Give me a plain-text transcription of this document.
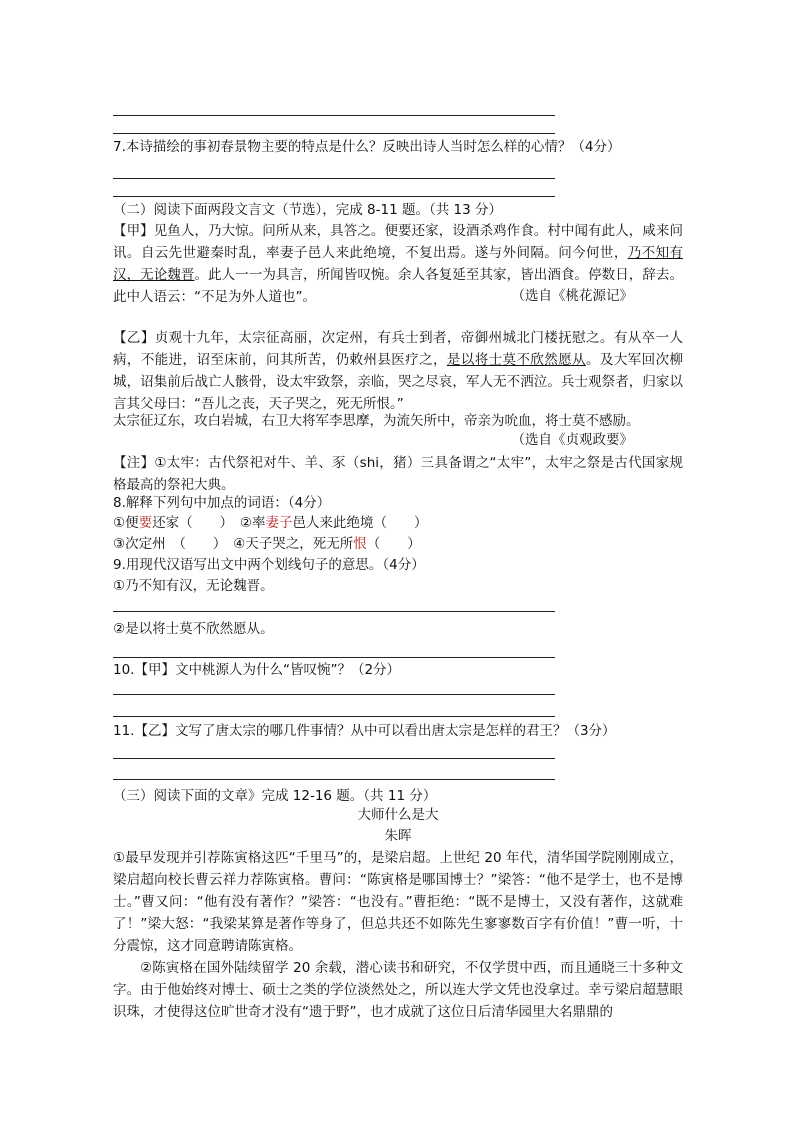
7.本诗描绘的事初春景物主要的特点是什么？反映出诗人当时怎么样的心情？（4分）
（二）阅读下面两段文言文（节选），完成 8-11 题。（共 13 分）
【甲】见鱼人，乃大惊。问所从来，具答之。便要还家，设酒杀鸡作食。村中闻有此人，咸来问讯。自云先世避秦时乱，率妻子邑人来此绝境，不复出焉。遂与外间隔。问今何世，乃不知有汉，无论魏晋。此人一一为具言，所闻皆叹惋。余人各复延至其家，皆出酒食。停数日，辞去。此中人语云：“不足为外人道也”。	（选自《桃花源记》
【乙】贞观十九年，太宗征高丽，次定州，有兵士到者，帝御州城北门楼抚慰之。有从卒一人病，不能进，诏至床前，问其所苦，仍敕州县医疗之，是以将士莫不欣然愿从。及大军回次柳城，诏集前后战亡人骸骨，设太牢致祭，亲临，哭之尽哀，军人无不洒泣。兵士观祭者，归家以言其父母曰：“吾儿之丧，天子哭之，死无所恨。”
太宗征辽东，攻白岩城，右卫大将军李思摩，为流矢所中，帝亲为吮血，将士莫不感励。
（选自《贞观政要》
【注】①太牢：古代祭祀对牛、羊、豕（shi，猪）三具备谓之“太牢”，太牢之祭是古代国家规格最高的祭祀大典。
8.解释下列句中加点的词语：（4分）
①便要还家（　　）　②率妻子邑人来此绝境（　　）
③次定州　（　　）　④天子哭之，死无所恨（　　）
9.用现代汉语写出文中两个划线句子的意思。（4分）
①乃不知有汉，无论魏晋。
②是以将士莫不欣然愿从。
10.【甲】文中桃源人为什么“皆叹惋”？（2分）
11.【乙】文写了唐太宗的哪几件事情？从中可以看出唐太宗是怎样的君王？（3分）
（三）阅读下面的文章》完成 12-16 题。（共 11 分）
大师什么是大
朱晖
①最早发现并引荐陈寅格这匹“千里马”的，是梁启超。上世纪 20 年代，清华国学院刚刚成立，梁启超向校长曹云祥力荐陈寅格。曹问：“陈寅格是哪国博士？”梁答：“他不是学士，也不是博士。”曹又问：“他有没有著作？”梁答：“也没有。”曹拒绝：“既不是博士，又没有著作，这就难了！”梁大怒：“我梁某算是著作等身了，但总共还不如陈先生寥寥数百字有价值！”曹一听，十分震惊，这才同意聘请陈寅格。
②陈寅格在国外陆续留学 20 余载，潜心读书和研究，不仅学贯中西，而且通晓三十多种文字。由于他始终对博士、硕士之类的学位淡然处之，所以连大学文凭也没拿过。幸亏梁启超慧眼识珠，才使得这位旷世奇才没有“遗于野”，也才成就了这位日后清华园里大名鼎鼎的
